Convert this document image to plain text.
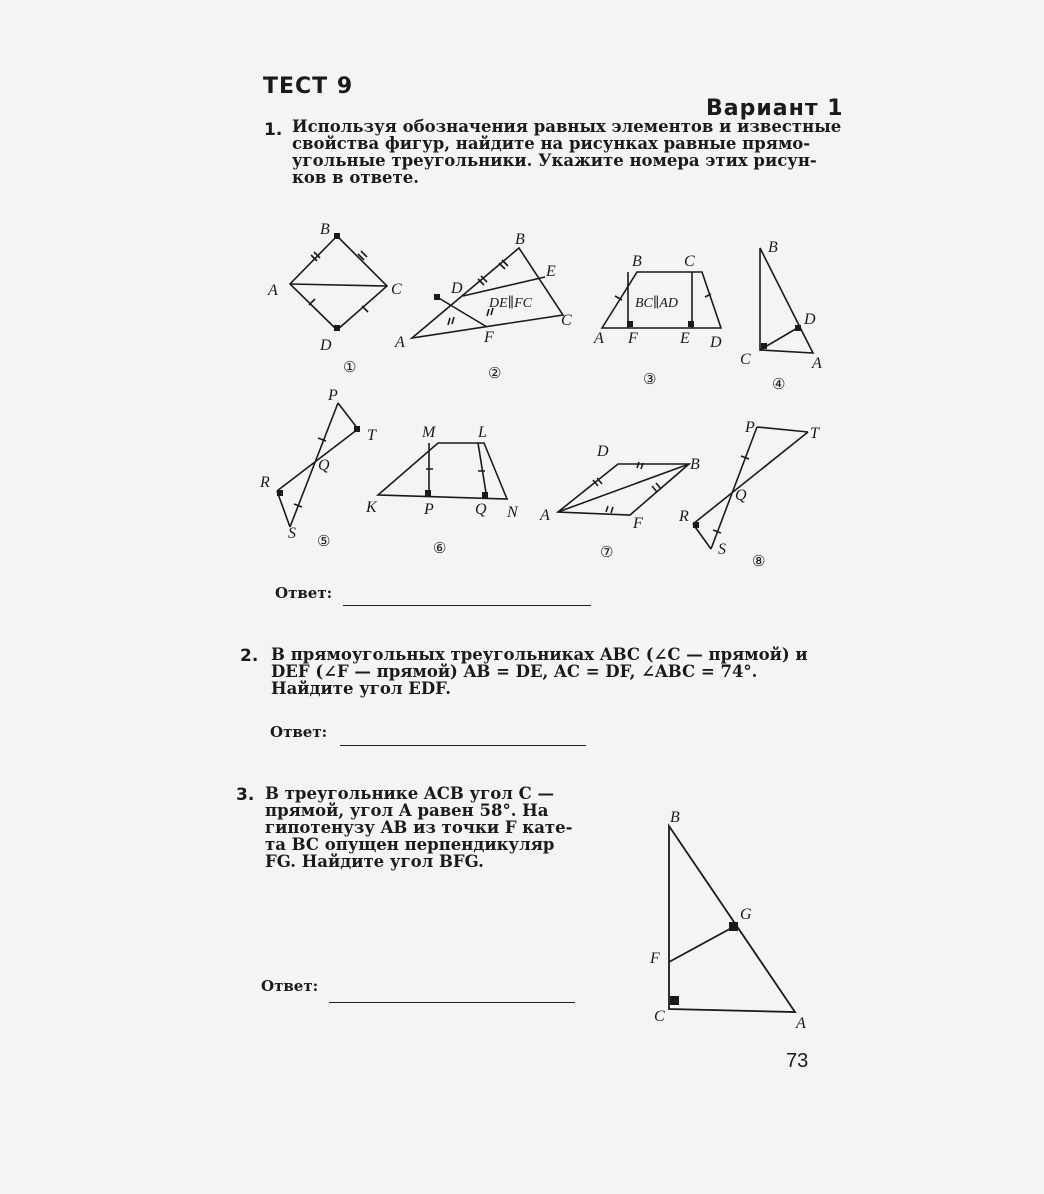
ТЕСТ 9
Вариант 1
1. Используя обозначения равных элементов и известные
свойства фигур, найдите на рисунках равные прямо-
угольные треугольники. Укажите номера этих рисун-
ков в ответе.
B
A	C
D
①
B
E
D
DE∥FC
C
F
A
②
B	C
BC∥AD
A F	E D
③
B
D
C	A
④
P
T
Q
R
S ⑤
M	L
K	P	Q N
⑥
D
B
A	F
⑦
P	T
Q
R
S
⑧
Ответ:
2. В прямоугольных треугольниках ABC (∠C — прямой) и
DEF (∠F — прямой) AB = DE, AC = DF, ∠ABC = 74°.
Найдите угол EDF.
Ответ:
3. В треугольнике ACB угол C —
прямой, угол A равен 58°. На
гипотенузу AB из точки F кате-
та BC опущен перпендикуляр
FG. Найдите угол BFG.
Ответ:
B
G
F
C	A
73
